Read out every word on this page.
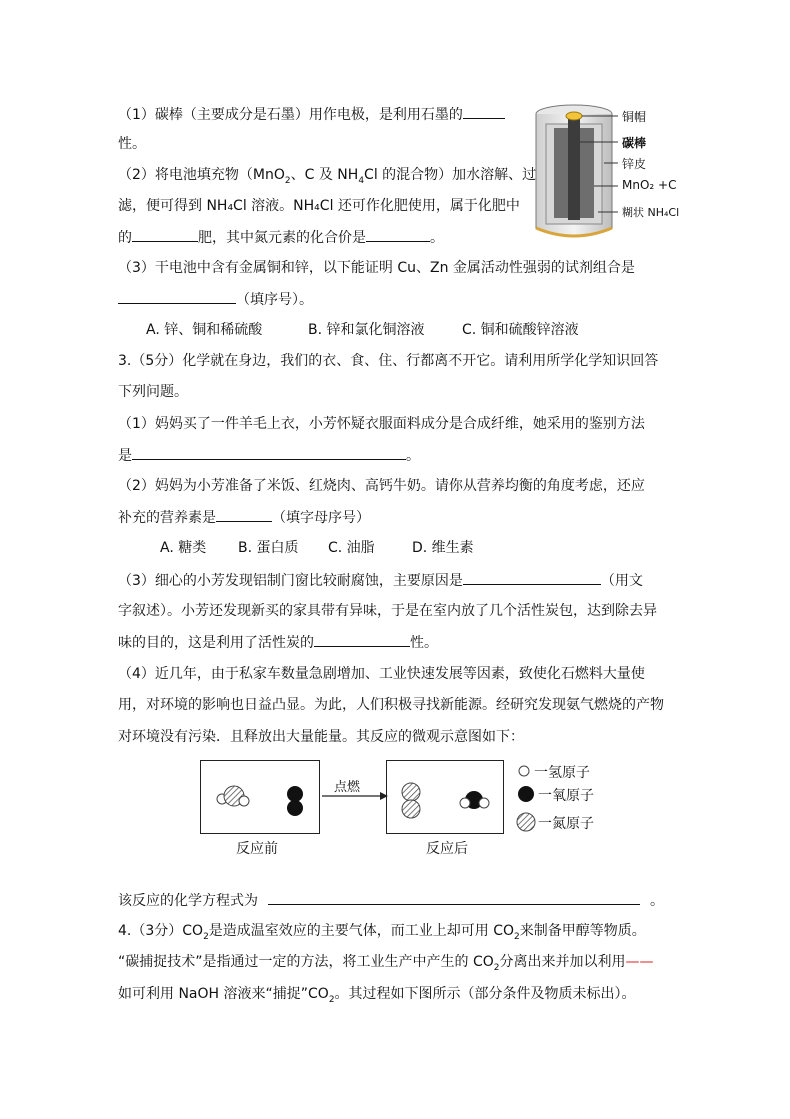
（1）碳棒（主要成分是石墨）用作电极，是利用石墨的
性。
（2）将电池填充物（MnO$_2$、C 及 $NH_4Cl$ 的混合物）加水溶解、过
滤，便可得到 NH₄Cl 溶液。NH₄Cl 还可作化肥使用，属于化肥中
的	肥，其中氮元素的化合价是	。
（3）干电池中含有金属铜和锌，以下能证明 Cu、Zn 金属活动性强弱的试剂组合是
（填序号）。
A. 锌、铜和稀硫酸	B. 锌和氯化铜溶液	C. 铜和硫酸锌溶液
铜帽
碳棒
锌皮
MnO₂ +C
糊状 NH₄Cl
3.（5分）化学就在身边，我们的衣、食、住、行都离不开它。请利用所学化学知识回答
下列问题。
（1）妈妈买了一件羊毛上衣，小芳怀疑衣服面料成分是合成纤维，她采用的鉴别方法
是	。
（2）妈妈为小芳准备了米饭、红烧肉、高钙牛奶。请你从营养均衡的角度考虑，还应
补充的营养素是	（填字母序号）
A. 糖类 B. 蛋白质 C. 油脂	D. 维生素
（3）细心的小芳发现铝制门窗比较耐腐蚀，主要原因是	（用文
字叙述）。小芳还发现新买的家具带有异味，于是在室内放了几个活性炭包，达到除去异
味的目的，这是利用了活性炭的	性。
（4）近几年，由于私家车数量急剧增加、工业快速发展等因素，致使化石燃料大量使
用，对环境的影响也日益凸显。为此，人们积极寻找新能源。经研究发现氨气燃烧的产物
对环境没有污染．且释放出大量能量。其反应的微观示意图如下：
点燃
反应前	反应后
一氢原子
一氧原子
一氮原子
该反应的化学方程式为	。
4.（3分）$CO_2$是造成温室效应的主要气体，而工业上却可用 $CO_2$来制备甲醇等物质。
“碳捕捉技术”是指通过一定的方法，将工业生产中产生的 $CO_2$分离出来并加以利用——
如可利用 NaOH 溶液来“捕捉$”CO_2$。其过程如下图所示（部分条件及物质未标出）。
